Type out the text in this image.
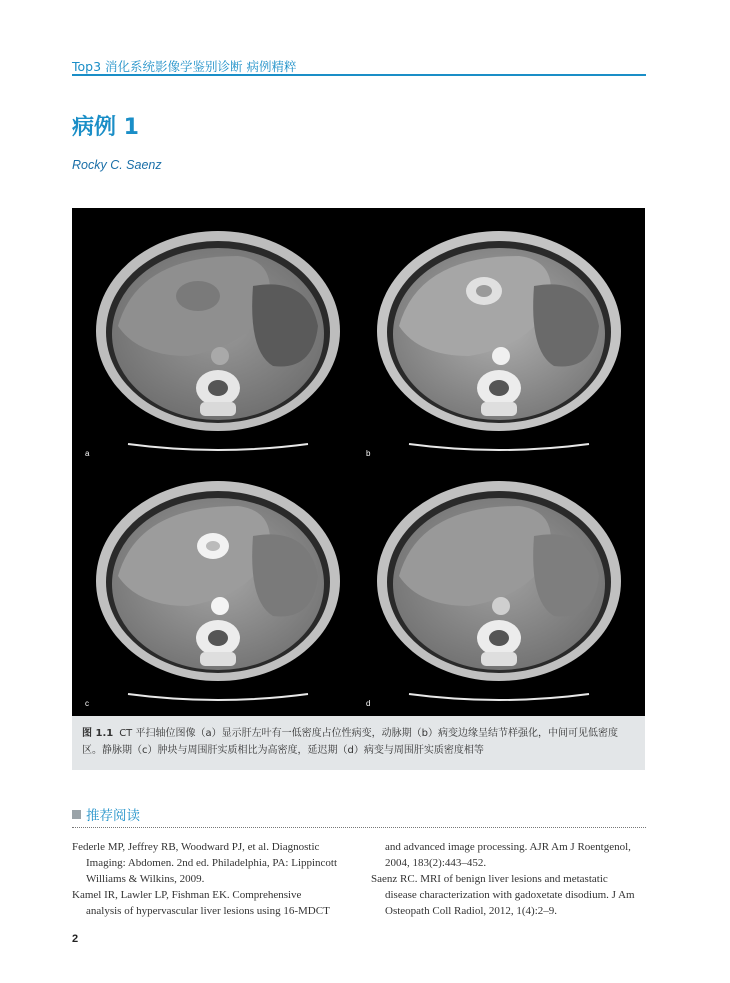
Top3 消化系统影像学鉴别诊断 病例精粹
病例 1
Rocky C. Saenz
a	b
c	d
图 1.1 CT 平扫轴位图像（a）显示肝左叶有一低密度占位性病变，动脉期（b）病变边缘呈结节样强化，中间可见低密度区。静脉期（c）肿块与周围肝实质相比为高密度，延迟期（d）病变与周围肝实质密度相等
推荐阅读
Federle MP, Jeffrey RB, Woodward PJ, et al. Diagnostic
Imaging: Abdomen. 2nd ed. Philadelphia, PA: Lippincott
Williams & Wilkins, 2009.
Kamel IR, Lawler LP, Fishman EK. Comprehensive
analysis of hypervascular liver lesions using 16-MDCT
and advanced image processing. AJR Am J Roentgenol,
2004, 183(2):443–452.
Saenz RC. MRI of benign liver lesions and metastatic
disease characterization with gadoxetate disodium. J Am
Osteopath Coll Radiol, 2012, 1(4):2–9.
2
